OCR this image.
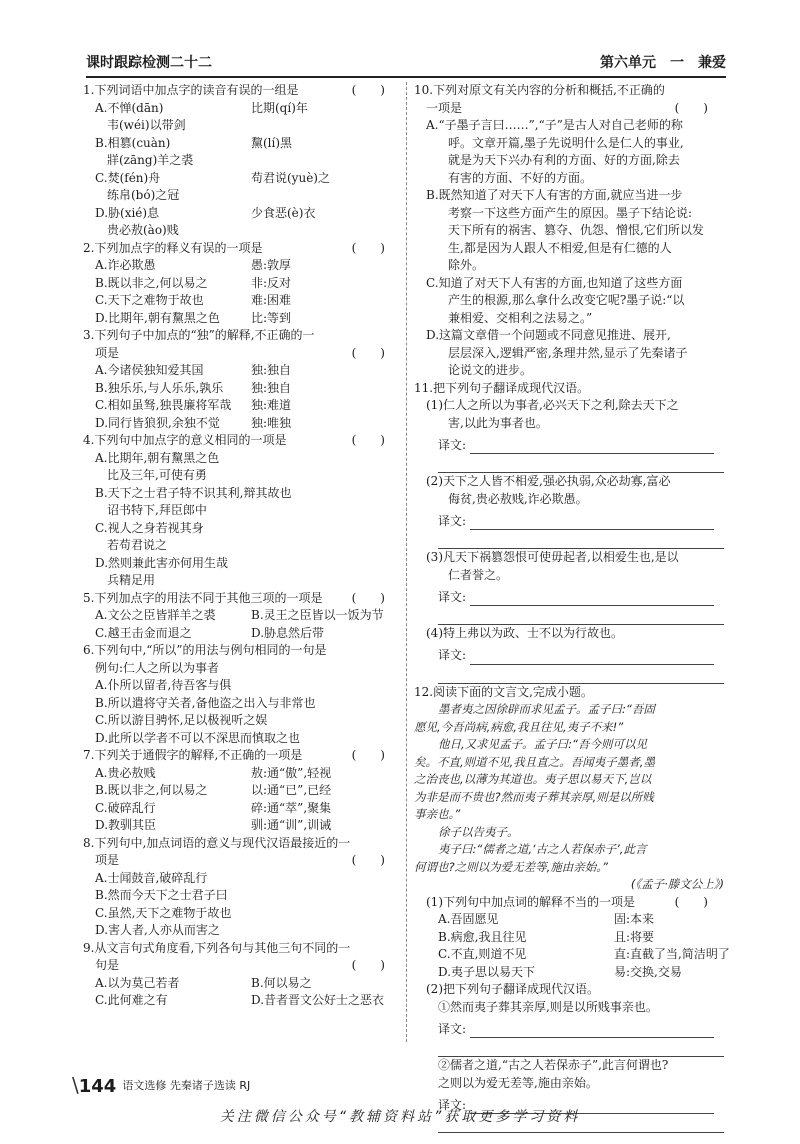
课时跟踪检测二十二	第六单元　一　兼爱
1.下列词语中加点字的读音有误的一组是	(　　)
A.不惮(dān)	比期(qí)年
韦(wéi)以带剑
B.相篡(cuàn)	黧(lí)黑
牂(zāng)羊之裘
C.焚(fén)舟	苟君说(yuè)之
练帛(bó)之冠
D.胁(xié)息	少食恶(è)衣
贵必敖(ào)贱
2.下列加点字的释义有误的一项是	(　　)
A.诈必欺愚	愚:敦厚
B.既以非之,何以易之	非:反对
C.天下之难物于故也	难:困难
D.比期年,朝有黧黑之色	比:等到
3.下列句子中加点的“独”的解释,不正确的一
项是	(　　)
A.今诸侯独知爱其国	独:独自
B.独乐乐,与人乐乐,孰乐 独:独自
C.相如虽驽,独畏廉将军哉 独:难道
D.同行皆狼狈,余独不觉	独:唯独
4.下列句中加点字的意义相同的一项是	(　　)
A.比期年,朝有黧黑之色
比及三年,可使有勇
B.天下之士君子特不识其利,辩其故也
诏书特下,拜臣郎中
C.视人之身若视其身
若苟君说之
D.然则兼此害亦何用生哉
兵精足用
5.下列加点字的用法不同于其他三项的一项是 (　　)
A.文公之臣皆牂羊之裘	B.灵王之臣皆以一饭为节
C.越王击金而退之	D.胁息然后带
6.下列句中,“所以”的用法与例句相同的一句是
例句:仁人之所以为事者
A.仆所以留者,待吾客与俱
B.所以遣将守关者,备他盗之出入与非常也
C.所以游目骋怀,足以极视听之娱
D.此所以学者不可以不深思而慎取之也
7.下列关于通假字的解释,不正确的一项是	(　　)
A.贵必敖贱	敖:通“傲”,轻视
B.既以非之,何以易之	以:通“已”,已经
C.破碎乱行	碎:通“萃”,聚集
D.教驯其臣	驯:通“训”,训诫
8.下列句中,加点词语的意义与现代汉语最接近的一
项是	(　　)
A.士闻鼓音,破碎乱行
B.然而今天下之士君子曰
C.虽然,天下之难物于故也
D.害人者,人亦从而害之
9.从文言句式角度看,下列各句与其他三句不同的一
句是	(　　)
A.以为莫己若者	B.何以易之
C.此何难之有	D.昔者晋文公好士之恶衣
10.下列对原文有关内容的分析和概括,不正确的
一项是	(　　)
A.“子墨子言曰……”,“子”是古人对自己老师的称
呼。文章开篇,墨子先说明什么是仁人的事业,
就是为天下兴办有利的方面、好的方面,除去
有害的方面、不好的方面。
B.既然知道了对天下人有害的方面,就应当进一步
考察一下这些方面产生的原因。墨子下结论说:
天下所有的祸害、篡夺、仇怨、憎恨,它们所以发
生,都是因为人跟人不相爱,但是有仁德的人
除外。
C.知道了对天下人有害的方面,也知道了这些方面
产生的根源,那么拿什么改变它呢?墨子说:“以
兼相爱、交相利之法易之。”
D.这篇文章借一个问题或不同意见推进、展开,
层层深入,逻辑严密,条理井然,显示了先秦诸子
论说文的进步。
11.把下列句子翻译成现代汉语。
(1)仁人之所以为事者,必兴天下之利,除去天下之
害,以此为事者也。
译文:
(2)天下之人皆不相爱,强必执弱,众必劫寡,富必
侮贫,贵必敖贱,诈必欺愚。
译文:
(3)凡天下祸篡怨恨可使毋起者,以相爱生也,是以
仁者誉之。
译文:
(4)特上弗以为政、士不以为行故也。
译文:
12.阅读下面的文言文,完成小题。
墨者夷之因徐辟而求见孟子。孟子曰:“吾固
愿见,今吾尚病,病愈,我且往见,夷子不来!”
他日,又求见孟子。孟子曰:“吾今则可以见
矣。不直,则道不见,我且直之。吾闻夷子墨者,墨
之治丧也,以薄为其道也。夷子思以易天下,岂以
为非是而不贵也?然而夷子葬其亲厚,则是以所贱
事亲也。”
徐子以告夷子。
夷子曰:“儒者之道,‘古之人若保赤子’,此言
何谓也?之则以为爱无差等,施由亲始。”
(《孟子·滕文公上》)
(1)下列句中加点词的解释不当的一项是	(　　)
A.吾固愿见	固:本来
B.病愈,我且往见	且:将要
C.不直,则道不见	直:直截了当,简洁明了
D.夷子思以易天下	易:交换,交易
(2)把下列句子翻译成现代汉语。
①然而夷子葬其亲厚,则是以所贱事亲也。
译文:
②儒者之道,“古之人若保赤子”,此言何谓也?
之则以为爱无差等,施由亲始。
译文:
\144 语文选修 先秦诸子选读 RJ
关注微信公众号“教辅资料站”获取更多学习资料
